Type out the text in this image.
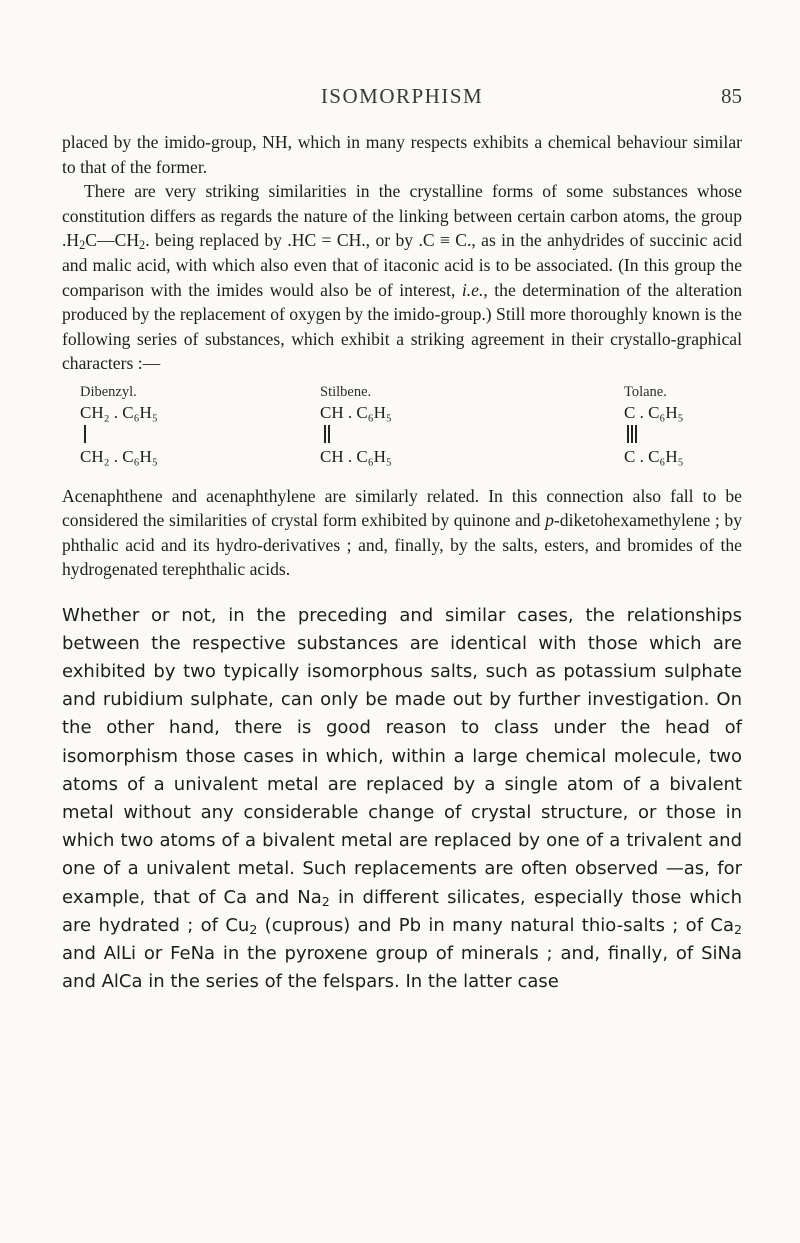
ISOMORPHISM	85

placed by the imido-group, NH, which in many respects exhibits a chemical behaviour similar to that of the former.

There are very striking similarities in the crystalline forms of some substances whose constitution differs as regards the nature of the linking between certain carbon atoms, the group $.H_2C—CH_2$. being replaced by .HC = CH., or by .C ≡ C., as in the anhydrides of succinic acid and malic acid, with which also even that of itaconic acid is to be associated. (In this group the comparison with the imides would also be of interest, i.e., the determination of the alteration produced by the replacement of oxygen by the imido-group.) Still more thoroughly known is the following series of substances, which exhibit a striking agreement in their crystallo-graphical characters :—

Dibenzyl.
CH₂ . C₆H₅
CH₂ . C₆H₅
Stilbene.
CH . C₆H₅
CH . C₆H₅
Tolane.
C . C₆H₅
C . C₆H₅

Acenaphthene and acenaphthylene are similarly related. In this connection also fall to be considered the similarities of crystal form exhibited by quinone and p-diketohexamethylene ; by phthalic acid and its hydro-derivatives ; and, finally, by the salts, esters, and bromides of the hydrogenated terephthalic acids.

Whether or not, in the preceding and similar cases, the relationships between the respective substances are identical with those which are exhibited by two typically isomorphous salts, such as potassium sulphate and rubidium sulphate, can only be made out by further investigation. On the other hand, there is good reason to class under the head of isomorphism those cases in which, within a large chemical molecule, two atoms of a univalent metal are replaced by a single atom of a bivalent metal without any considerable change of crystal structure, or those in which two atoms of a bivalent metal are replaced by one of a trivalent and one of a univalent metal. Such replacements are often observed —as, for example, that of Ca and $Na_2$ in different silicates, especially those which are hydrated ; of $Cu_2$ (cuprous) and Pb in many natural thio-salts ; of $Ca_2$ and AlLi or FeNa in the pyroxene group of minerals ; and, finally, of SiNa and AlCa in the series of the felspars. In the latter case
